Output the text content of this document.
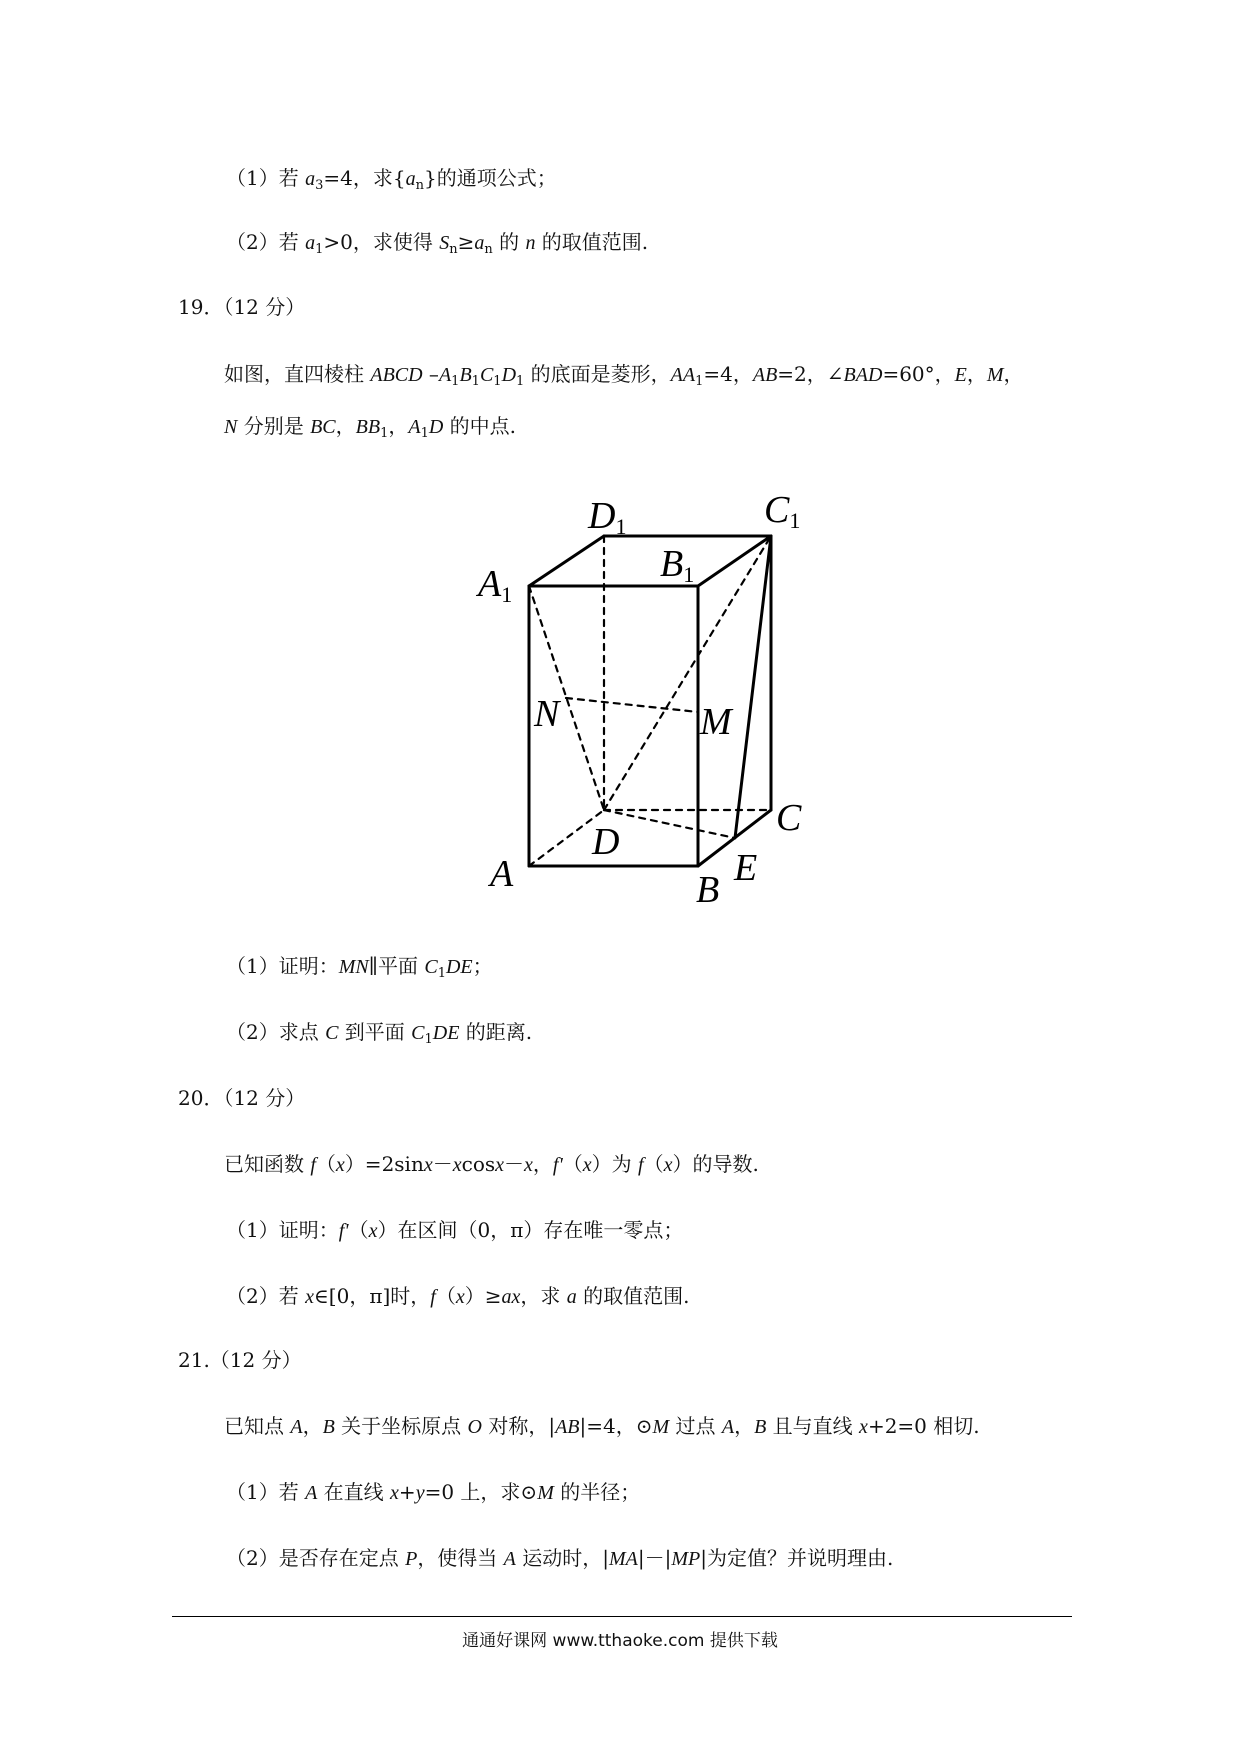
（1）若 $a_3=4$，求$\{a_n\}$的通项公式；
（2）若 $a_1>0$，求使得 $S_n\ge a_n$ 的 n 的取值范围.
19．（12 分）
如图，直四棱柱 ABCD $-A_1B_1C_1D_1$ 的底面是菱形，$AA_1=4$，AB=2，∠BAD=60°，E，M，
N 分别是 BC，$BB_1$，$A_1D$ 的中点.
D1	C1
A1
B1
N	M
C
D
E
A	B
（1）证明：MN∥平面 $C_1DE$；
（2）求点 C 到平面 $C_1DE$ 的距离.
20．（12 分）
已知函数 f（x）=2sinx－xcosx－x，f'（x）为 f（x）的导数.
（1）证明：f'（x）在区间（0，π）存在唯一零点；
（2）若 x∈[0，π]时，f（x）≥ax，求 a 的取值范围.
21.（12 分）
已知点 A，B 关于坐标原点 O 对称，|AB|=4，⊙M 过点 A，B 且与直线 x+2=0 相切.
（1）若 A 在直线 x+y=0 上，求⊙M 的半径；
（2）是否存在定点 P，使得当 A 运动时，|MA|－|MP|为定值？并说明理由.
通通好课网 www.tthaoke.com 提供下载
